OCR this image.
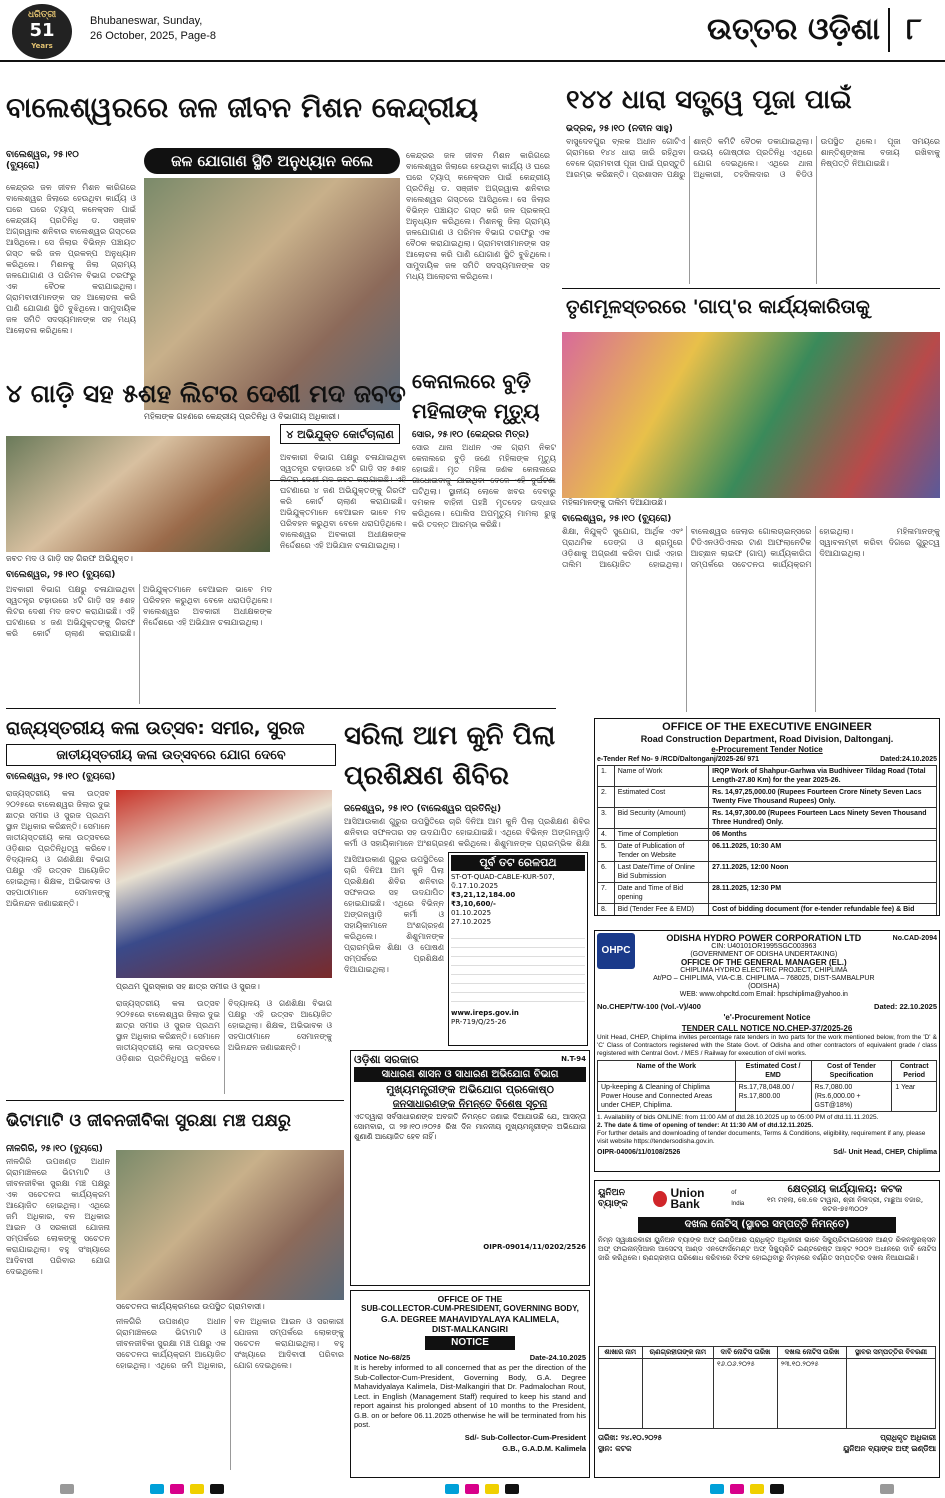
ଧରିତ୍ରୀ
51
Years
Bhubaneswar, Sunday,
26 October, 2025, Page-8	ଉତ୍ତର ଓଡ଼ିଶା ୮
ବାଲେଶ୍ୱରରେ ଜଳ ଜୀବନ ମିଶନ କେନ୍ଦ୍ରୀୟ
ଜଳ ଯୋଗାଣ ସ୍ଥିତି ଅନୁଧ୍ୟାନ କଲେ
ବାଲେଶ୍ୱର, ୨୫।୧୦
(ବ୍ୟୁରୋ)
କେନ୍ଦ୍ରର ଜଳ ଜୀବନ ମିଶନ କାରିଗରେ ବାଲେଶ୍ୱର ଜିଲାରେ ହେଉଥିବା କାର୍ଯ୍ୟ ଓ ଘରେ ଘରେ ଟ୍ୟାପ୍ କନେକ୍ସନ ପାଇଁ କେନ୍ଦ୍ରୀୟ ପ୍ରତିନିଧି ଡ. ସଞ୍ଜୀବ ଅଗ୍ରୱାଲ ଶନିବାର ବାଲେଶ୍ୱର ଗସ୍ତରେ ଆସିଥିଲେ। ସେ ଜିଲାର ବିଭିନ୍ନ ପଞ୍ଚାୟତ ଗସ୍ତ କରି ଜଳ ପ୍ରକଳ୍ପ ଅନୁଧ୍ୟାନ କରିଥିଲେ। ମିଶନକୁ ଜିଲା ଗ୍ରାମ୍ୟ ଜଳଯୋଗାଣ ଓ ପରିମଳ ବିଭାଗ ତରଫରୁ ଏକ ବୈଠକ କରାଯାଇଥିଲା। ଗ୍ରାମବାସୀମାନଙ୍କ ସହ ଆଲୋଚନା କରି ପାଣି ଯୋଗାଣ ସ୍ଥିତି ବୁଝିଥିଲେ। ସାମୁଦାୟିକ ଜଳ ସମିତି ସଦସ୍ୟମାନଙ୍କ ସହ ମଧ୍ୟ ଆଲୋଚନା କରିଥିଲେ।
ମହିଳାଙ୍କ ଗହଣରେ କେନ୍ଦ୍ରୀୟ ପ୍ରତିନିଧି ଓ ବିଭାଗୀୟ ଅଧିକାରୀ।
କେନ୍ଦ୍ରର ଜଳ ଜୀବନ ମିଶନ କାରିଗରେ ବାଲେଶ୍ୱର ଜିଲାରେ ହେଉଥିବା କାର୍ଯ୍ୟ ଓ ଘରେ ଘରେ ଟ୍ୟାପ୍ କନେକ୍ସନ ପାଇଁ କେନ୍ଦ୍ରୀୟ ପ୍ରତିନିଧି ଡ. ସଞ୍ଜୀବ ଅଗ୍ରୱାଲ ଶନିବାର ବାଲେଶ୍ୱର ଗସ୍ତରେ ଆସିଥିଲେ। ସେ ଜିଲାର ବିଭିନ୍ନ ପଞ୍ଚାୟତ ଗସ୍ତ କରି ଜଳ ପ୍ରକଳ୍ପ ଅନୁଧ୍ୟାନ କରିଥିଲେ। ମିଶନକୁ ଜିଲା ଗ୍ରାମ୍ୟ ଜଳଯୋଗାଣ ଓ ପରିମଳ ବିଭାଗ ତରଫରୁ ଏକ ବୈଠକ କରାଯାଇଥିଲା। ଗ୍ରାମବାସୀମାନଙ୍କ ସହ ଆଲୋଚନା କରି ପାଣି ଯୋଗାଣ ସ୍ଥିତି ବୁଝିଥିଲେ। ସାମୁଦାୟିକ ଜଳ ସମିତି ସଦସ୍ୟମାନଙ୍କ ସହ ମଧ୍ୟ ଆଲୋଚନା କରିଥିଲେ।
୧୪୪ ଧାରା ସତ୍ତ୍ୱେ ପୂଜା ପାଇଁ
ଭଦ୍ରକ, ୨୫।୧୦ (ନବୀନ ସାହୁ)
ବାସୁଦେବପୁର ବ୍ଲକ ଅଧୀନ ଗୋଟିଏ ଗ୍ରାମରେ ୧୪୪ ଧାରା ଜାରି ରହିଥିବା ବେଳେ ଗ୍ରାମବାସୀ ପୂଜା ପାଇଁ ପ୍ରସ୍ତୁତି ଆରମ୍ଭ କରିଛନ୍ତି। ପ୍ରଶାସନ ପକ୍ଷରୁ ଶାନ୍ତି କମିଟି ବୈଠକ ଡକାଯାଇଥିଲା। ଉଭୟ ଗୋଷ୍ଠୀର ପ୍ରତିନିଧି ଏଥିରେ ଯୋଗ ଦେଇଥିଲେ। ଏଥିରେ ଥାନା ଅଧିକାରୀ, ତହସିଲଦାର ଓ ବିଡିଓ ଉପସ୍ଥିତ ଥିଲେ। ପୂଜା ସମୟରେ ଶାନ୍ତିଶୃଙ୍ଖଳା ବଜାୟ ରଖିବାକୁ ନିଷ୍ପତ୍ତି ନିଆଯାଇଛି।
ତୃଣମୂଳସ୍ତରରେ 'ଗାପ୍'ର କାର୍ଯ୍ୟକାରିତାକୁ
ମହିଳାମାନଙ୍କୁ ତାଲିମ ଦିଆଯାଉଛି।
ବାଲେଶ୍ୱର, ୨୫।୧୦ (ବ୍ୟୁରୋ)
ଶିକ୍ଷା, ନିଯୁକ୍ତି ସୁଯୋଗ, ଆର୍ଥିକ ଏବଂ ପ୍ରାଥମିକ ଡେଙ୍ଗ ଓ ଶ୍ରମୁରେ ଓଡ଼ିଶାକୁ ଅଗ୍ରଣୀ କରିବା ପାଇଁ ଏହାର ତାଲିମ ଆୟୋଜିତ ହୋଇଥିଲା। ବାଲେଶ୍ୱର ଜେଲାର ଗୋଲଚାଇନ୍ସରେ ଟିଡିଏନଓଡିଏଲର ଟାଣ ଆଫଲାନେଟିକ ଆଚ୍ଛାନ ଲାଇଫ (ଗାପ୍) କାର୍ଯ୍ୟକାରିତା ସମ୍ପର୍କରେ ସଚେତନତା କାର୍ଯ୍ୟକ୍ରମ ହୋଇଥିଲା। ମହିଳାମାନଙ୍କୁ ସ୍ୱାବଲମ୍ବୀ କରିବା ଦିଗରେ ଗୁରୁତ୍ୱ ଦିଆଯାଇଥିଲା।
୪ ଗାଡ଼ି ସହ ୫ଶହ ଲିଟର ଦେଶୀ ମଦ ଜବତ
୪ ଅଭିଯୁକ୍ତ କୋର୍ଟଚାଲାଣ
ଜବତ ମଦ ଓ ଗାଡ଼ି ସହ ଗିରଫ ଅଭିଯୁକ୍ତ।
ବାଲେଶ୍ୱର, ୨୫।୧୦ (ବ୍ୟୁରୋ)
ଅବକାରୀ ବିଭାଗ ପକ୍ଷରୁ ଚଳାଯାଇଥିବା ସ୍ୱତନ୍ତ୍ର ଚଢ଼ାଉରେ ୪ଟି ଗାଡ଼ି ସହ ୫ଶହ ଲିଟର ଦେଶୀ ମଦ ଜବତ କରାଯାଇଛି। ଏହି ଘଟଣାରେ ୪ ଜଣ ଅଭିଯୁକ୍ତଙ୍କୁ ଗିରଫ କରି କୋର୍ଟ ଚାଲାଣ କରାଯାଇଛି। ଅଭିଯୁକ୍ତମାନେ ବେଆଇନ ଭାବେ ମଦ ପରିବହନ କରୁଥିବା ବେଳେ ଧରାପଡ଼ିଥିଲେ। ବାଲେଶ୍ୱର ଅବକାରୀ ଅଧୀକ୍ଷକଙ୍କ ନିର୍ଦ୍ଦେଶରେ ଏହି ଅଭିଯାନ ଚଳାଯାଇଥିଲା।
ଅବକାରୀ ବିଭାଗ ପକ୍ଷରୁ ଚଳାଯାଇଥିବା ସ୍ୱତନ୍ତ୍ର ଚଢ଼ାଉରେ ୪ଟି ଗାଡ଼ି ସହ ୫ଶହ ଲିଟର ଦେଶୀ ମଦ ଜବତ କରାଯାଇଛି। ଏହି ଘଟଣାରେ ୪ ଜଣ ଅଭିଯୁକ୍ତଙ୍କୁ ଗିରଫ କରି କୋର୍ଟ ଚାଲାଣ କରାଯାଇଛି। ଅଭିଯୁକ୍ତମାନେ ବେଆଇନ ଭାବେ ମଦ ପରିବହନ କରୁଥିବା ବେଳେ ଧରାପଡ଼ିଥିଲେ। ବାଲେଶ୍ୱର ଅବକାରୀ ଅଧୀକ୍ଷକଙ୍କ ନିର୍ଦ୍ଦେଶରେ ଏହି ଅଭିଯାନ ଚଳାଯାଇଥିଲା।
କେନାଲରେ ବୁଡ଼ି ମହିଳାଙ୍କ ମୃତ୍ୟୁ
ସୋର, ୨୫।୧୦ (କେନ୍ଦ୍ରର ମିତ୍ର)
ସୋର ଥାନା ଅଧୀନ ଏକ ଗ୍ରାମ ନିକଟ କେନାଲରେ ବୁଡ଼ି ଜଣେ ମହିଳାଙ୍କ ମୃତ୍ୟୁ ହୋଇଛି। ମୃତ ମହିଳା ଜଣକ କେନାଲରେ ଗାଧୋଇବାକୁ ଯାଇଥିବା ବେଳେ ଏହି ଦୁର୍ଘଟଣା ଘଟିଥିଲା। ସ୍ଥାନୀୟ ଲୋକେ ଖବର ଦେବାରୁ ଦମକଳ ବାହିନୀ ପହଞ୍ଚି ମୃତଦେହ ଉଦ୍ଧାର କରିଥିଲେ। ପୋଲିସ ଅପମୃତ୍ୟୁ ମାମଲା ରୁଜୁ କରି ତଦନ୍ତ ଆରମ୍ଭ କରିଛି।
ରାଜ୍ୟସ୍ତରୀୟ କଳା ଉତ୍ସବ: ସମୀର, ସୁରଜ
ଜାତୀୟସ୍ତରୀୟ କଳା ଉତ୍ସବରେ ଯୋଗ ଦେବେ
ବାଲେଶ୍ୱର, ୨୫।୧୦ (ବ୍ୟୁରୋ)
ପ୍ରଥମ ପୁରସ୍କାର ସହ ଛାତ୍ର ସମୀର ଓ ସୁରଜ।
ରାଜ୍ୟସ୍ତରୀୟ କଳା ଉତ୍ସବ ୨୦୨୫ରେ ବାଲେଶ୍ୱର ଜିଲାର ଦୁଇ ଛାତ୍ର ସମୀର ଓ ସୁରଜ ପ୍ରଥମ ସ୍ଥାନ ଅଧିକାର କରିଛନ୍ତି। ସେମାନେ ଜାତୀୟସ୍ତରୀୟ କଳା ଉତ୍ସବରେ ଓଡ଼ିଶାର ପ୍ରତିନିଧିତ୍ୱ କରିବେ। ବିଦ୍ୟାଳୟ ଓ ଗଣଶିକ୍ଷା ବିଭାଗ ପକ୍ଷରୁ ଏହି ଉତ୍ସବ ଆୟୋଜିତ ହୋଇଥିଲା। ଶିକ୍ଷକ, ଅଭିଭାବକ ଓ ସହପାଠୀମାନେ ସେମାନଙ୍କୁ ଅଭିନନ୍ଦନ ଜଣାଇଛନ୍ତି।
ରାଜ୍ୟସ୍ତରୀୟ କଳା ଉତ୍ସବ ୨୦୨୫ରେ ବାଲେଶ୍ୱର ଜିଲାର ଦୁଇ ଛାତ୍ର ସମୀର ଓ ସୁରଜ ପ୍ରଥମ ସ୍ଥାନ ଅଧିକାର କରିଛନ୍ତି। ସେମାନେ ଜାତୀୟସ୍ତରୀୟ କଳା ଉତ୍ସବରେ ଓଡ଼ିଶାର ପ୍ରତିନିଧିତ୍ୱ କରିବେ। ବିଦ୍ୟାଳୟ ଓ ଗଣଶିକ୍ଷା ବିଭାଗ ପକ୍ଷରୁ ଏହି ଉତ୍ସବ ଆୟୋଜିତ ହୋଇଥିଲା। ଶିକ୍ଷକ, ଅଭିଭାବକ ଓ ସହପାଠୀମାନେ ସେମାନଙ୍କୁ ଅଭିନନ୍ଦନ ଜଣାଇଛନ୍ତି।
ସରିଲା ଆମ କୁନି ପିଲା ପ୍ରଶିକ୍ଷଣ ଶିବିର
ଜଳେଶ୍ୱର, ୨୫।୧୦ (ବାଲେଶ୍ୱର ପ୍ରତିନିଧି)
ଆସିଆଉକାଣ ଗୁରୁର ଉପସ୍ଥିତିରେ ଚାରି ଦିନିଆ ଆମ କୁନି ପିଲା ପ୍ରଶିକ୍ଷଣ ଶିବିର ଶନିବାର ସଫଳତାର ସହ ଉଦଯାପିତ ହୋଇଯାଇଛି। ଏଥିରେ ବିଭିନ୍ନ ଅଙ୍ଗନୱାଡ଼ି କର୍ମୀ ଓ ସହାୟିକାମାନେ ଅଂଶଗ୍ରହଣ କରିଥିଲେ। ଶିଶୁମାନଙ୍କ ପ୍ରାରମ୍ଭିକ ଶିକ୍ଷା
ଆସିଆଉକାଣ ଗୁରୁର ଉପସ୍ଥିତିରେ ଚାରି ଦିନିଆ ଆମ କୁନି ପିଲା ପ୍ରଶିକ୍ଷଣ ଶିବିର ଶନିବାର ସଫଳତାର ସହ ଉଦଯାପିତ ହୋଇଯାଇଛି। ଏଥିରେ ବିଭିନ୍ନ ଅଙ୍ଗନୱାଡ଼ି କର୍ମୀ ଓ ସହାୟିକାମାନେ ଅଂଶଗ୍ରହଣ କରିଥିଲେ। ଶିଶୁମାନଙ୍କ ପ୍ରାରମ୍ଭିକ ଶିକ୍ଷା ଓ ପୋଷଣ ସମ୍ପର୍କରେ ପ୍ରଶିକ୍ଷଣ ଦିଆଯାଇଥିଲା।
ପୂର୍ବ ତଟ ରେଳପଥ
ST-OT-QUAD-CABLE-KUR-507, ଦି.17.10.2025
₹3,21,12,184.00
₹3,10,600/-
01.10.2025
27.10.2025
www.ireps.gov.in
PR-719/Q/25-26
OFFICE OF THE EXECUTIVE ENGINEER
Road Construction Department, Road Division, Daltonganj.
e-Procurement Tender Notice
e-Tender Ref No- 9 /RCD/Daltonganj/2025-26/ 971	Dated:24.10.2025
1.	Name of Work	IRQP Work of Shahpur-Garhwa via Budhiveer Tildag Road (Total Length-27.80 Km) for the year 2025-26.
2.	Estimated Cost	Rs. 14,97,25,000.00 (Rupees Fourteen Crore Ninety Seven Lacs Twenty Five Thousand Rupees) Only.
3.	Bid Security (Amount)	Rs. 14,97,300.00 (Rupees Fourteen Lacs Ninety Seven Thousand Three Hundred) Only.
4.	Time of Completion	06 Months
5.	Date of Publication of Tender on Website	06.11.2025, 10:30 AM
6.	Last Date/Time of Online Bid Submission	27.11.2025, 12:00 Noon
7.	Date and Time of Bid opening	28.11.2025, 12:30 PM
8.	Bid (Tender Fee & EMD)	Cost of bidding document (for e-tender refundable fee) & Bid

OHPC
ODISHA HYDRO POWER CORPORATION LTD
CIN: U40101OR1995SGC003963
(GOVERNMENT OF ODISHA UNDERTAKING)
OFFICE OF THE GENERAL MANAGER (EL.)
CHIPLIMA HYDRO ELECTRIC PROJECT, CHIPLIMA
At/PO – CHIPLIMA, VIA-C.B. CHIPLIMA – 768025, DIST-SAMBALPUR (ODISHA)
WEB: www.ohpcltd.com Email: hpschiplima@yahoo.in
No.CAD-2094
No.CHEP/TW-100 (Vol.-V)/400	Dated: 22.10.2025
'e'-Procurement Notice
TENDER CALL NOTICE NO.CHEP-37/2025-26
Unit Head, CHEP, Chiplima invites percentage rate tenders in two parts for the work mentioned below, from the 'D' & 'C' Class of Contractors registered with the State Govt. of Odisha and other contractors of equivalent grade / class registered with Central Govt. / MES / Railway for execution of civil works.
Name of the Work	Estimated Cost / EMD	Cost of Tender Specification	Contract Period
Up-keeping & Cleaning of Chiplima Power House and Connected Areas under CHEP, Chiplima.	Rs.17,78,048.00 / Rs.17,800.00	Rs.7,080.00 (Rs.6,000.00 + GST@18%)	1 Year
1. Availability of bids ONLINE: from 11:00 AM of dtd.28.10.2025 up to 05:00 PM of dtd.11.11.2025.
2. The date & time of opening of tender: At 11:30 AM of dtd.12.11.2025.
For further details and downloading of tender documents, Terms & Conditions, eligibility, requirement if any, please visit website https://tendersodisha.gov.in.
OIPR-04006/11/0108/2526	Sd/- Unit Head, CHEP, Chiplima
ଓଡ଼ିଶା ସରକାର	N.T-94
ସାଧାରଣ ଶାସନ ଓ ସାଧାରଣ ଅଭିଯୋଗ ବିଭାଗ
ମୁଖ୍ୟମନ୍ତ୍ରୀଙ୍କ ଅଭିଯୋଗ ପ୍ରକୋଷ୍ଠ
ଜନସାଧାରଣଙ୍କ ନିମନ୍ତେ ବିଶେଷ ସୂଚନା
ଏତଦ୍ୱାରା ସର୍ବସାଧାରଣଙ୍କ ଅବଗତି ନିମନ୍ତେ ଜଣାଇ ଦିଆଯାଉଛି ଯେ, ଆସନ୍ତା ସୋମବାର, ତା ୨୭।୧୦।୨୦୨୫ ରିଖ ଦିନ ମାନନୀୟ ମୁଖ୍ୟମନ୍ତ୍ରୀଙ୍କ ଅଭିଯୋଗ ଶୁଣାଣି ଆୟୋଜିତ ହେବ ନାହିଁ।
OIPR-09014/11/0202/2526
OFFICE OF THE
SUB-COLLECTOR-CUM-PRESIDENT, GOVERNING BODY,
G.A. DEGREE MAHAVIDYALAYA KALIMELA,
DIST-MALKANGIRI
NOTICE
Notice No-68/25	Date-24.10.2025
It is hereby informed to all concerned that as per the direction of the Sub-Collector-Cum-President, Governing Body, G.A. Degree Mahavidyalaya Kalimela, Dist-Malkangiri that Dr. Padmalochan Rout, Lect. in English (Management Staff) required to keep his stand and report against his prolonged absent of 10 months to the President, G.B. on or before 06.11.2025 otherwise he will be terminated from his post.
Sd/- Sub-Collector-Cum-President
G.B., G.A.D.M. Kalimela
ଭିଟାମାଟି ଓ ଜୀବନଜୀବିକା ସୁରକ୍ଷା ମଞ୍ଚ ପକ୍ଷରୁ
ନୀଳଗିରି, ୨୫।୧୦ (ବ୍ୟୁରୋ)
ନୀଳଗିରି ଉପଖଣ୍ଡ ଅଧୀନ ଗ୍ରାମାଞ୍ଚଳରେ ଭିଟାମାଟି ଓ ଜୀବନଜୀବିକା ସୁରକ୍ଷା ମଞ୍ଚ ପକ୍ଷରୁ ଏକ ସଚେତନତା କାର୍ଯ୍ୟକ୍ରମ ଆୟୋଜିତ ହୋଇଥିଲା। ଏଥିରେ ଜମି ଅଧିକାର, ବନ ଅଧିକାର ଆଇନ ଓ ସରକାରୀ ଯୋଜନା ସମ୍ପର୍କରେ ଲୋକଙ୍କୁ ସଚେତନ କରାଯାଇଥିଲା। ବହୁ ସଂଖ୍ୟାରେ ଆଦିବାସୀ ପରିବାର ଯୋଗ ଦେଇଥିଲେ।
ସଚେତନତା କାର୍ଯ୍ୟକ୍ରମରେ ଉପସ୍ଥିତ ଗ୍ରାମବାସୀ।
ନୀଳଗିରି ଉପଖଣ୍ଡ ଅଧୀନ ଗ୍ରାମାଞ୍ଚଳରେ ଭିଟାମାଟି ଓ ଜୀବନଜୀବିକା ସୁରକ୍ଷା ମଞ୍ଚ ପକ୍ଷରୁ ଏକ ସଚେତନତା କାର୍ଯ୍ୟକ୍ରମ ଆୟୋଜିତ ହୋଇଥିଲା। ଏଥିରେ ଜମି ଅଧିକାର, ବନ ଅଧିକାର ଆଇନ ଓ ସରକାରୀ ଯୋଜନା ସମ୍ପର୍କରେ ଲୋକଙ୍କୁ ସଚେତନ କରାଯାଇଥିଲା। ବହୁ ସଂଖ୍ୟାରେ ଆଦିବାସୀ ପରିବାର ଯୋଗ ଦେଇଥିଲେ।
ୟୁନିଅନ ବ୍ୟାଙ୍କ
Union Bank
of India
କ୍ଷେତ୍ରୀୟ କାର୍ଯ୍ୟାଳୟ: କଟକ
୧ମ ମହଲା, କେ.କେ ଟାୱାର, ଶ୍ରୀ ନିଳାଦ୍ରୀ, ମାଛୁଆ ବଜାର, କଟକ-୭୫୩୦୦୨
ଦଖଲ ନୋଟିସ୍ (ସ୍ଥାବର ସମ୍ପତ୍ତି ନିମନ୍ତେ)
ନିମ୍ନ ସ୍ୱାକ୍ଷରକାରୀ ୟୁନିଅନ ବ୍ୟାଙ୍କ ଅଫ୍ ଇଣ୍ଡିଆର ପ୍ରାଧିକୃତ ଅଧିକାରୀ ଭାବେ ସିକ୍ୟୁରିଟାଇଜେସନ ଆଣ୍ଡ ରିକନଷ୍ଟ୍ରକ୍ସନ ଅଫ୍ ଫାଇନାନ୍ସିଆଲ ଆସେଟସ୍ ଆଣ୍ଡ ଏନଫୋର୍ସମେଣ୍ଟ ଅଫ୍ ସିକ୍ୟୁରିଟି ଇଣ୍ଟରେଷ୍ଟ ଆକ୍ଟ ୨୦୦୨ ଅଧୀନରେ ଦାବି ନୋଟିସ ଜାରି କରିଥିଲେ। ଋଣଗ୍ରହୀତା ପରିଶୋଧ କରିବାରେ ବିଫଳ ହୋଇଥିବାରୁ ନିମ୍ନରେ ବର୍ଣ୍ଣିତ ସମ୍ପତ୍ତିର ଦଖଲ ନିଆଯାଇଛି।
ଶାଖାର ନାମ	ଋଣଗ୍ରହୀତାଙ୍କ ନାମ	ଦାବି ନୋଟିସ ତାରିଖ	ଦଖଲ ନୋଟିସ ତାରିଖ	ସ୍ଥାବର ସମ୍ପତ୍ତିର ବିବରଣୀ
		୧୬.୦୬.୨୦୨୫	୨୩.୧୦.୨୦୨୫	
ତାରିଖ: ୨୪.୧୦.୨୦୨୫
ସ୍ଥାନ: କଟକ
ପ୍ରାଧିକୃତ ଅଧିକାରୀ
ୟୁନିଅନ ବ୍ୟାଙ୍କ ଅଫ୍ ଇଣ୍ଡିଆ
